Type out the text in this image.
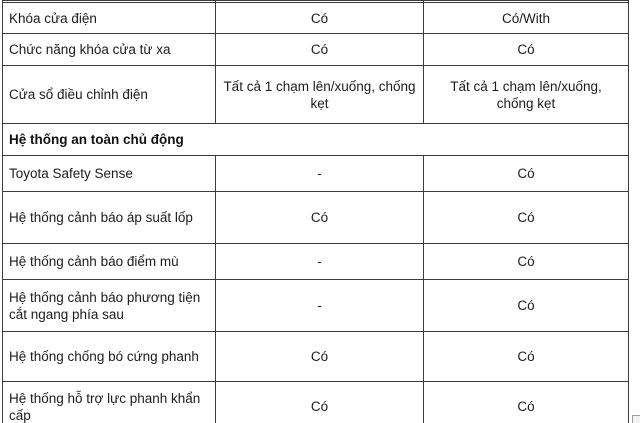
Khóa cửa điện	Có	Có/With
Chức năng khóa cửa từ xa	Có	Có
Cửa sổ điều chỉnh điện	Tất cả 1 chạm lên/xuống, chống kẹt	Tất cả 1 chạm lên/xuống, chống kẹt
Hệ thống an toàn chủ động		
Toyota Safety Sense	-	Có
Hệ thống cảnh báo áp suất lốp	Có	Có
Hệ thống cảnh báo điểm mù	-	Có
Hệ thống cảnh báo phương tiện cắt ngang phía sau	-	Có
Hệ thống chống bó cứng phanh	Có	Có
Hệ thống hỗ trợ lực phanh khẩn cấp	Có	Có
